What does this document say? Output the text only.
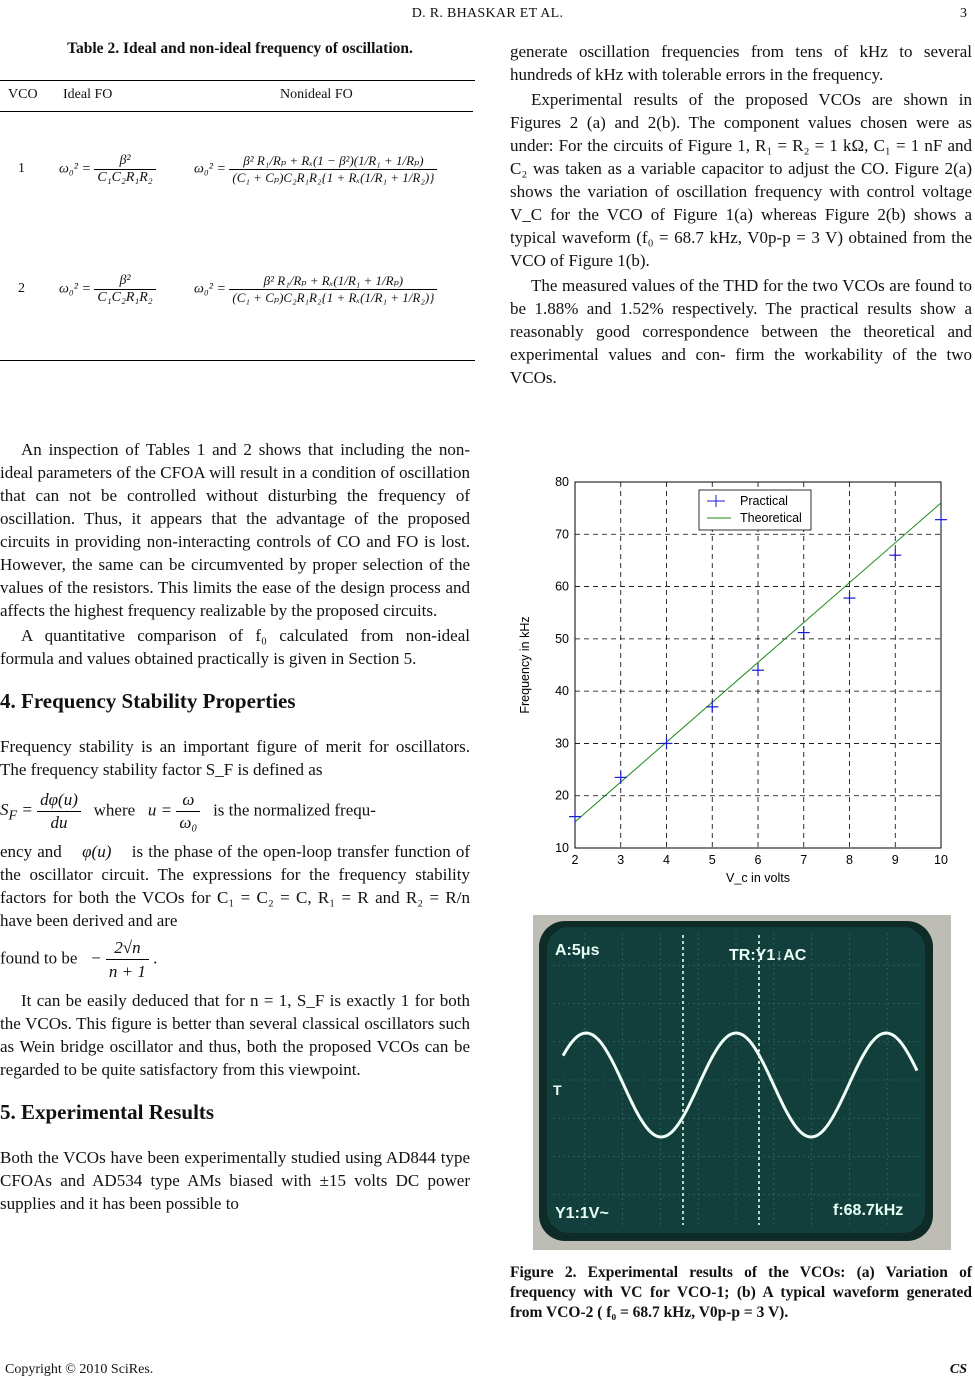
D. R. BHASKAR ET AL.	3
Table 2. Ideal and non-ideal frequency of oscillation.
VCO	Ideal FO	Nonideal FO
1	$\omega_0^2 = \frac{\text{β²}}{\text{C₁C₂R₁R₂}}$	$\omega_0^2 = \frac{\text{β² R₁/Rₚ + Rₓ(1 − β²)(1/R₁ + 1/Rₚ)}}{\text{(C₁ + Cₚ)C₂R₁R₂\{1 + Rₓ(1/R₁ + 1/R₂)\}}}$

2	$\omega_0^2 = \frac{\text{β²}}{\text{C₁C₂R₁R₂}}$	$\omega_0^2 = \frac{\text{β² R₁/Rₚ + Rₓ(1/R₁ + 1/Rₚ)}}{\text{(C₁ + Cₚ)C₂R₁R₂\{1 + Rₓ(1/R₁ + 1/R₂)\}}}$

An inspection of Tables 1 and 2 shows that including the non-ideal parameters of the CFOA will result in a condition of oscillation that can not be controlled without disturbing the frequency of oscillation. Thus, it appears that the advantage of the proposed circuits in providing non-interacting controls of CO and FO is lost. However, the same can be circumvented by proper selection of the values of the resistors. This limits the ease of the design process and affects the highest frequency realizable by the proposed circuits.

A quantitative comparison of f₀ calculated from non-ideal formula and values obtained practically is given in Section 5.

4. Frequency Stability Properties

Frequency stability is an important figure of merit for oscillators. The frequency stability factor S_F is defined as

$S_F = \frac{d\varphi(u)}{du}$ where $u = \frac{\omega}{\text{ω₀}}$ is the normalized frequ-

ency and φ(u) is the phase of the open-loop transfer function of the oscillator circuit. The expressions for the frequency stability factors for both the VCOs for C₁ = C₂ = C, R₁ = R and R₂ = R/n have been derived and are

found to be − $\frac{2√n}{n + 1}$ .

It can be easily deduced that for n = 1, S_F is exactly 1 for both the VCOs. This figure is better than several classical oscillators such as Wein bridge oscillator and thus, both the proposed VCOs can be regarded to be quite satisfactory from this viewpoint.

5. Experimental Results

Both the VCOs have been experimentally studied using AD844 type CFOAs and AD534 type AMs biased with ±15 volts DC power supplies and it has been possible to

generate oscillation frequencies from tens of kHz to several hundreds of kHz with tolerable errors in the frequency.

Experimental results of the proposed VCOs are shown in Figures 2 (a) and 2(b). The component values chosen were as under: For the circuits of Figure 1, R₁ = R₂ = 1 kΩ, C₁ = 1 nF and C₂ was taken as a variable capacitor to adjust the CO. Figure 2(a) shows the variation of oscillation frequency with control voltage V_C for the VCO of Figure 1(a) whereas Figure 2(b) shows a typical waveform (f₀ = 68.7 kHz, V0p-p = 3 V) obtained from the VCO of Figure 1(b).

The measured values of the THD for the two VCOs are found to be 1.88% and 1.52% respectively. The practical results show a reasonably good correspondence between the theoretical and experimental values and con- firm the workability of the two VCOs.

2	3	4	5	6	7	8	9	10
10
20
30
40
50
60
70
80
Practical
Theoretical
Frequency in kHz
V_c in volts
A:5μs	TR:Y1↓AC
Y1:1V~	f:68.7kHz
T
Figure 2. Experimental results of the VCOs: (a) Variation of frequency with VC for VCO-1; (b) A typical waveform generated from VCO-2 ( f₀ = 68.7 kHz, V0p-p = 3 V).
Copyright © 2010 SciRes.	CS
